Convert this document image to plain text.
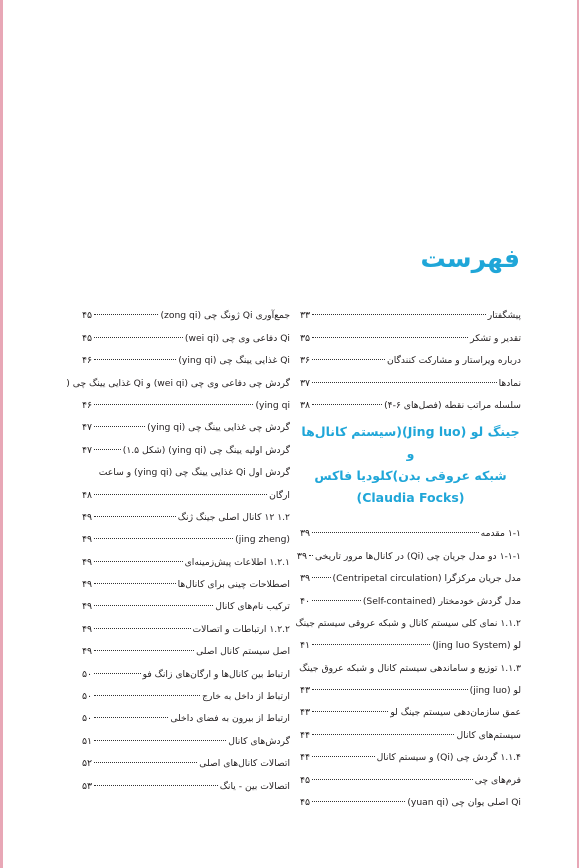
فهرست
پیشگفتار
۳۳
تقدیر و تشکر
۳۵
درباره ویراستار و مشارکت کنندگان
۳۶
نمادها
۳۷
سلسله مراتب نقطه (فصل‌های ۶-۴)
۳۸
جینگ لو (Jing luo)(سیستم کانال‌ها و
شبکه عروقی بدن)کلودیا فاکس
(Claudia Focks)
۱-۱ مقدمه
۳۹
۱-۱-۱ دو مدل جریان چی (Qi) در کانال‌ها مرور تاریخی
۳۹
مدل جریان مرکزگرا (Centripetal circulation)
۳۹
مدل گردش خودمختار (Self-contained)
۴۰
۱.۱.۲ نمای کلی سیستم کانال و شبکه عروقی سیستم جینگ
لو (Jing luo System)
۴۱
۱.۱.۳ توزیع و ساماندهی سیستم کانال و شبکه عروق جینگ
لو (jing luo)
۴۳
عمق سازمان‌دهی سیستم جینگ لو
۴۳
سیستم‌های کانال
۴۴
۱.۱.۴ گردش چی (Qi) و سیستم کانال
۴۴
فرم‌های چی
۴۵
Qi اصلی یوان چی (yuan qi)
۴۵
جمع‌آوری Qi ژونگ چی (zong qi)
۴۵
Qi دفاعی وی چی (wei qi)
۴۵
Qi غذایی یینگ چی (ying qi)
۴۶
گردش چی دفاعی وی چی (wei qi) و Qi غذایی یینگ چی (
ying qi)
۴۶
گردش چی غذایی یینگ چی (ying qi)
۴۷
گردش اولیه یینگ چی (ying qi) (شکل ۱.۵)
۴۷
گردش اول Qi غذایی یینگ چی (ying qi) و ساعت
ارگان
۴۸
۱.۲ ۱۲ کانال اصلی جینگ ژنگ
۴۹
(jing zheng)
۴۹
۱.۲.۱ اطلاعات پیش‌زمینه‌ای
۴۹
اصطلاحات چینی برای کانال‌ها
۴۹
ترکیب نام‌های کانال
۴۹
۱.۲.۲ ارتباطات و اتصالات
۴۹
اصل سیستم کانال اصلی
۴۹
ارتباط بین کانال‌ها و ارگان‌های زانگ فو
۵۰
ارتباط از داخل به خارج
۵۰
ارتباط از بیرون به فضای داخلی
۵۰
گردش‌های کانال
۵۱
اتصالات کانال‌های اصلی
۵۲
اتصالات بین - یانگ
۵۳
